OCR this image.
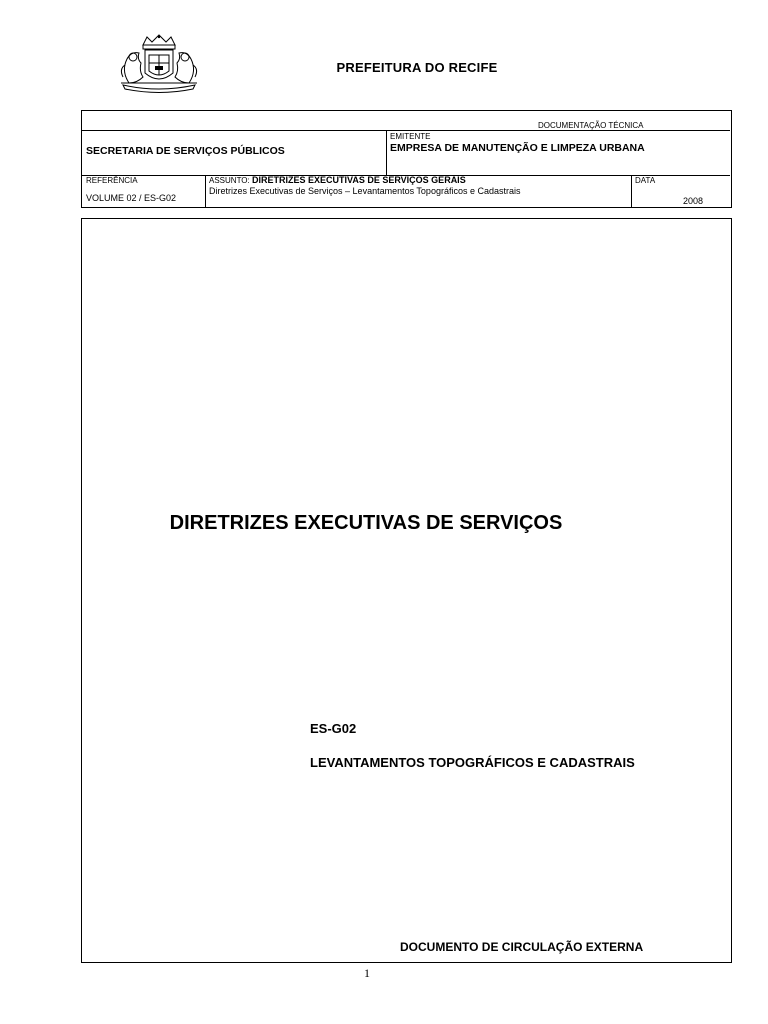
PREFEITURA DO RECIFE
DOCUMENTAÇÃO TÉCNICA
SECRETARIA DE SERVIÇOS PÚBLICOS
EMITENTE
EMPRESA DE MANUTENÇÃO E LIMPEZA URBANA
REFERÊNCIA
VOLUME 02 / ES-G02
ASSUNTO: DIRETRIZES EXECUTIVAS DE SERVIÇOS GERAIS
Diretrizes Executivas de Serviços – Levantamentos Topográficos e Cadastrais
DATA
2008
DIRETRIZES EXECUTIVAS DE SERVIÇOS
ES-G02
LEVANTAMENTOS TOPOGRÁFICOS E CADASTRAIS
DOCUMENTO DE CIRCULAÇÃO EXTERNA
1
